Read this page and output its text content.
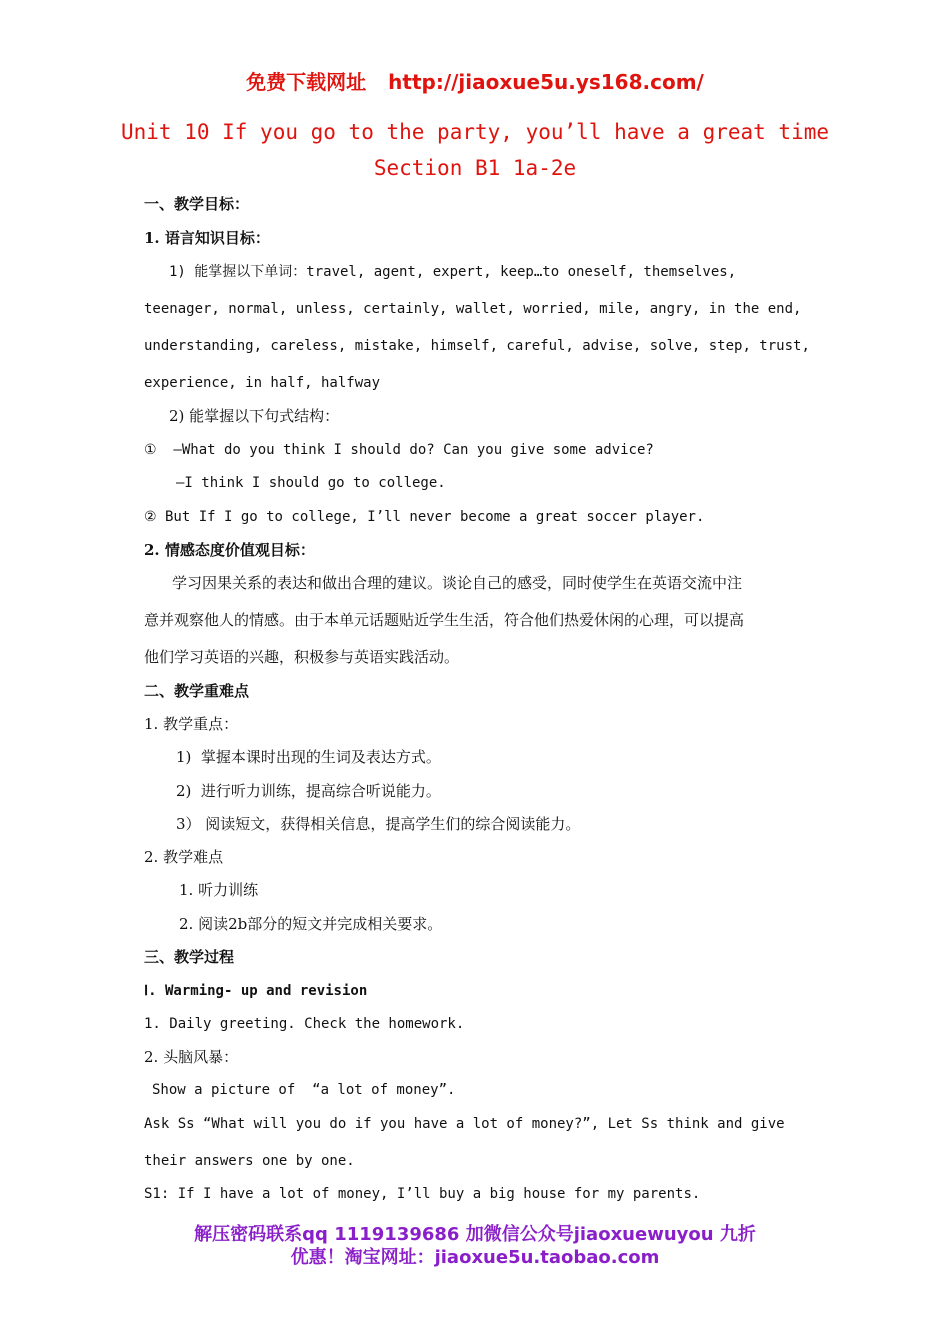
免费下载网址 http://jiaoxue5u.ys168.com/
Unit 10 If you go to the party, you’ll have a great time
Section B1 1a-2e
一、教学目标：
1. 语言知识目标：
1) 能掌握以下单词：travel, agent, expert, keep…to oneself, themselves,
teenager, normal, unless, certainly, wallet, worried, mile, angry, in the end,
understanding, careless, mistake, himself, careful, advise, solve, step, trust,
experience, in half, halfway
2) 能掌握以下句式结构：
①  —What do you think I should do? Can you give some advice?
—I think I should go to college.
② But If I go to college, I’ll never become a great soccer player.
2. 情感态度价值观目标：
学习因果关系的表达和做出合理的建议。谈论自己的感受，同时使学生在英语交流中注
意并观察他人的情感。由于本单元话题贴近学生生活，符合他们热爱休闲的心理，可以提高
他们学习英语的兴趣，积极参与英语实践活动。
二、教学重难点
1. 教学重点：
1)  掌握本课时出现的生词及表达方式。
2)  进行听力训练，提高综合听说能力。
3） 阅读短文，获得相关信息，提高学生们的综合阅读能力。
2. 教学难点
1. 听力训练
2. 阅读2b部分的短文并完成相关要求。
三、教学过程
Ⅰ. Warming- up and revision
1. Daily greeting. Check the homework.
2. 头脑风暴：
Show a picture of  “a lot of money”.
Ask Ss “What will you do if you have a lot of money?”, Let Ss think and give
their answers one by one.
S1: If I have a lot of money, I’ll buy a big house for my parents.
解压密码联系qq 1119139686 加微信公众号jiaoxuewuyou 九折
优惠！淘宝网址：jiaoxue5u.taobao.com
